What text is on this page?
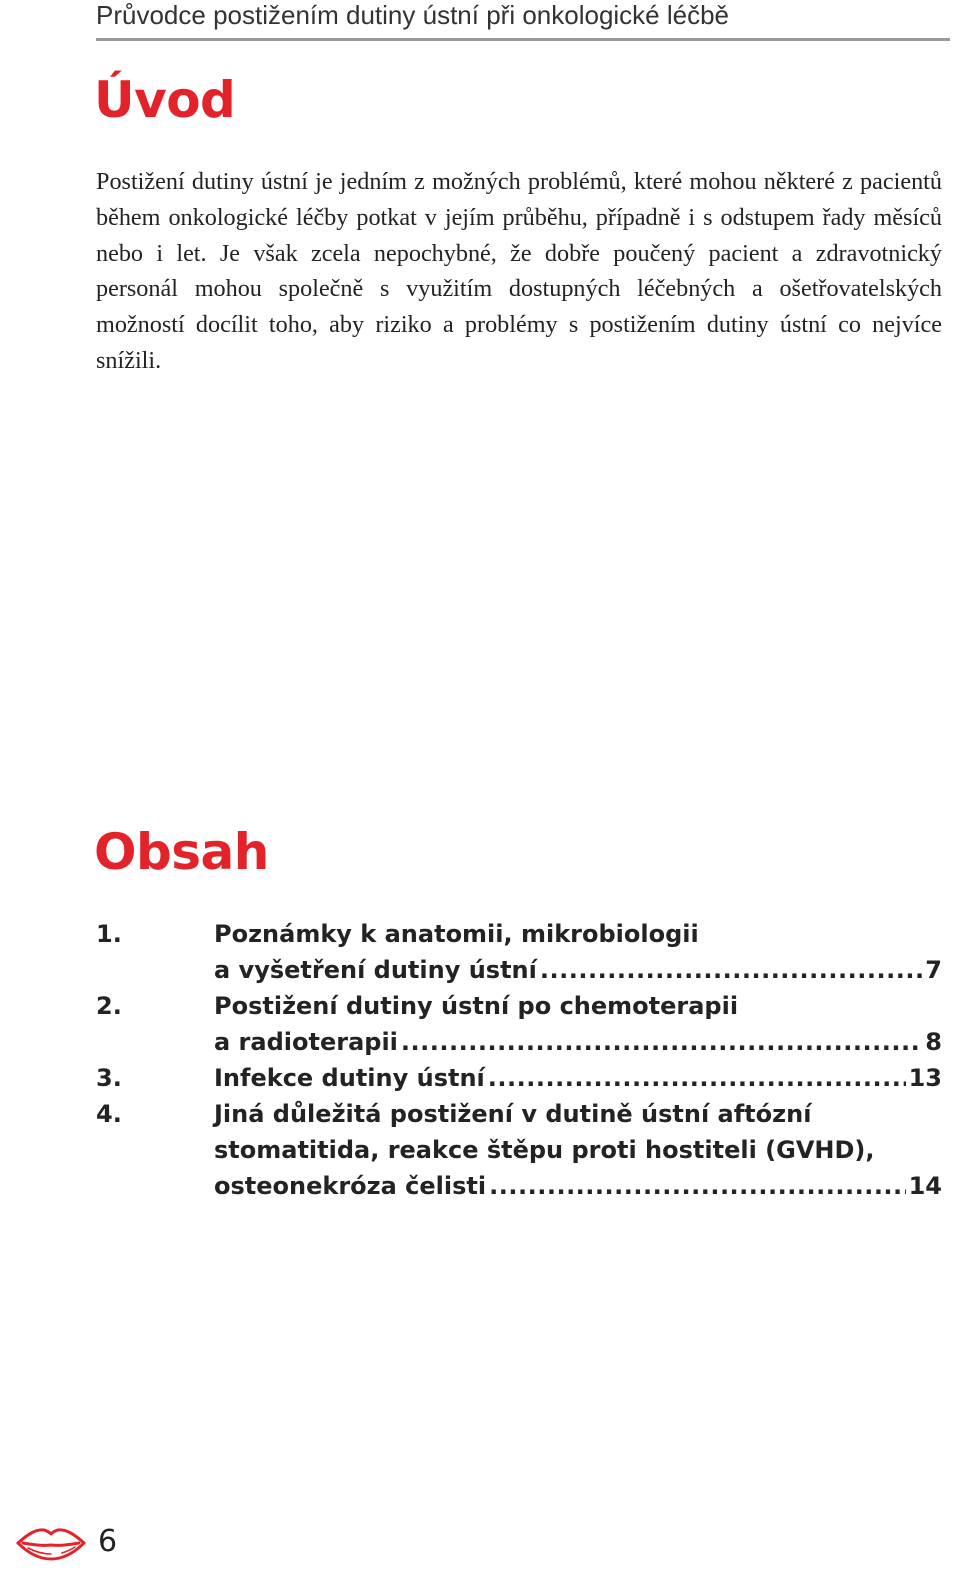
Průvodce postižením dutiny ústní při onkologické léčbě
Úvod

Postižení dutiny ústní je jedním z možných problémů, které mohou některé z pacientů během onkologické léčby potkat v jejím průběhu, případně i s odstupem řady měsíců nebo i let. Je však zcela nepochybné, že dobře poučený pacient a zdravotnický personál mohou společně s využitím dostupných léčebných a ošetřovatelských možností docílit toho, aby riziko a problémy s postižením dutiny ústní co nejvíce snížili.

Obsah
1.	Poznámky k anatomii, mikrobiologii
a vyšetření dutiny ústní .....	7
2.	Postižení dutiny ústní po chemoterapii
a radioterapii .....	8
3.	Infekce dutiny ústní .....	13
4.	Jiná důležitá postižení v dutině ústní aftózní
stomatitida, reakce štěpu proti hostiteli (GVHD),
osteonekróza čelisti .....	14
6
